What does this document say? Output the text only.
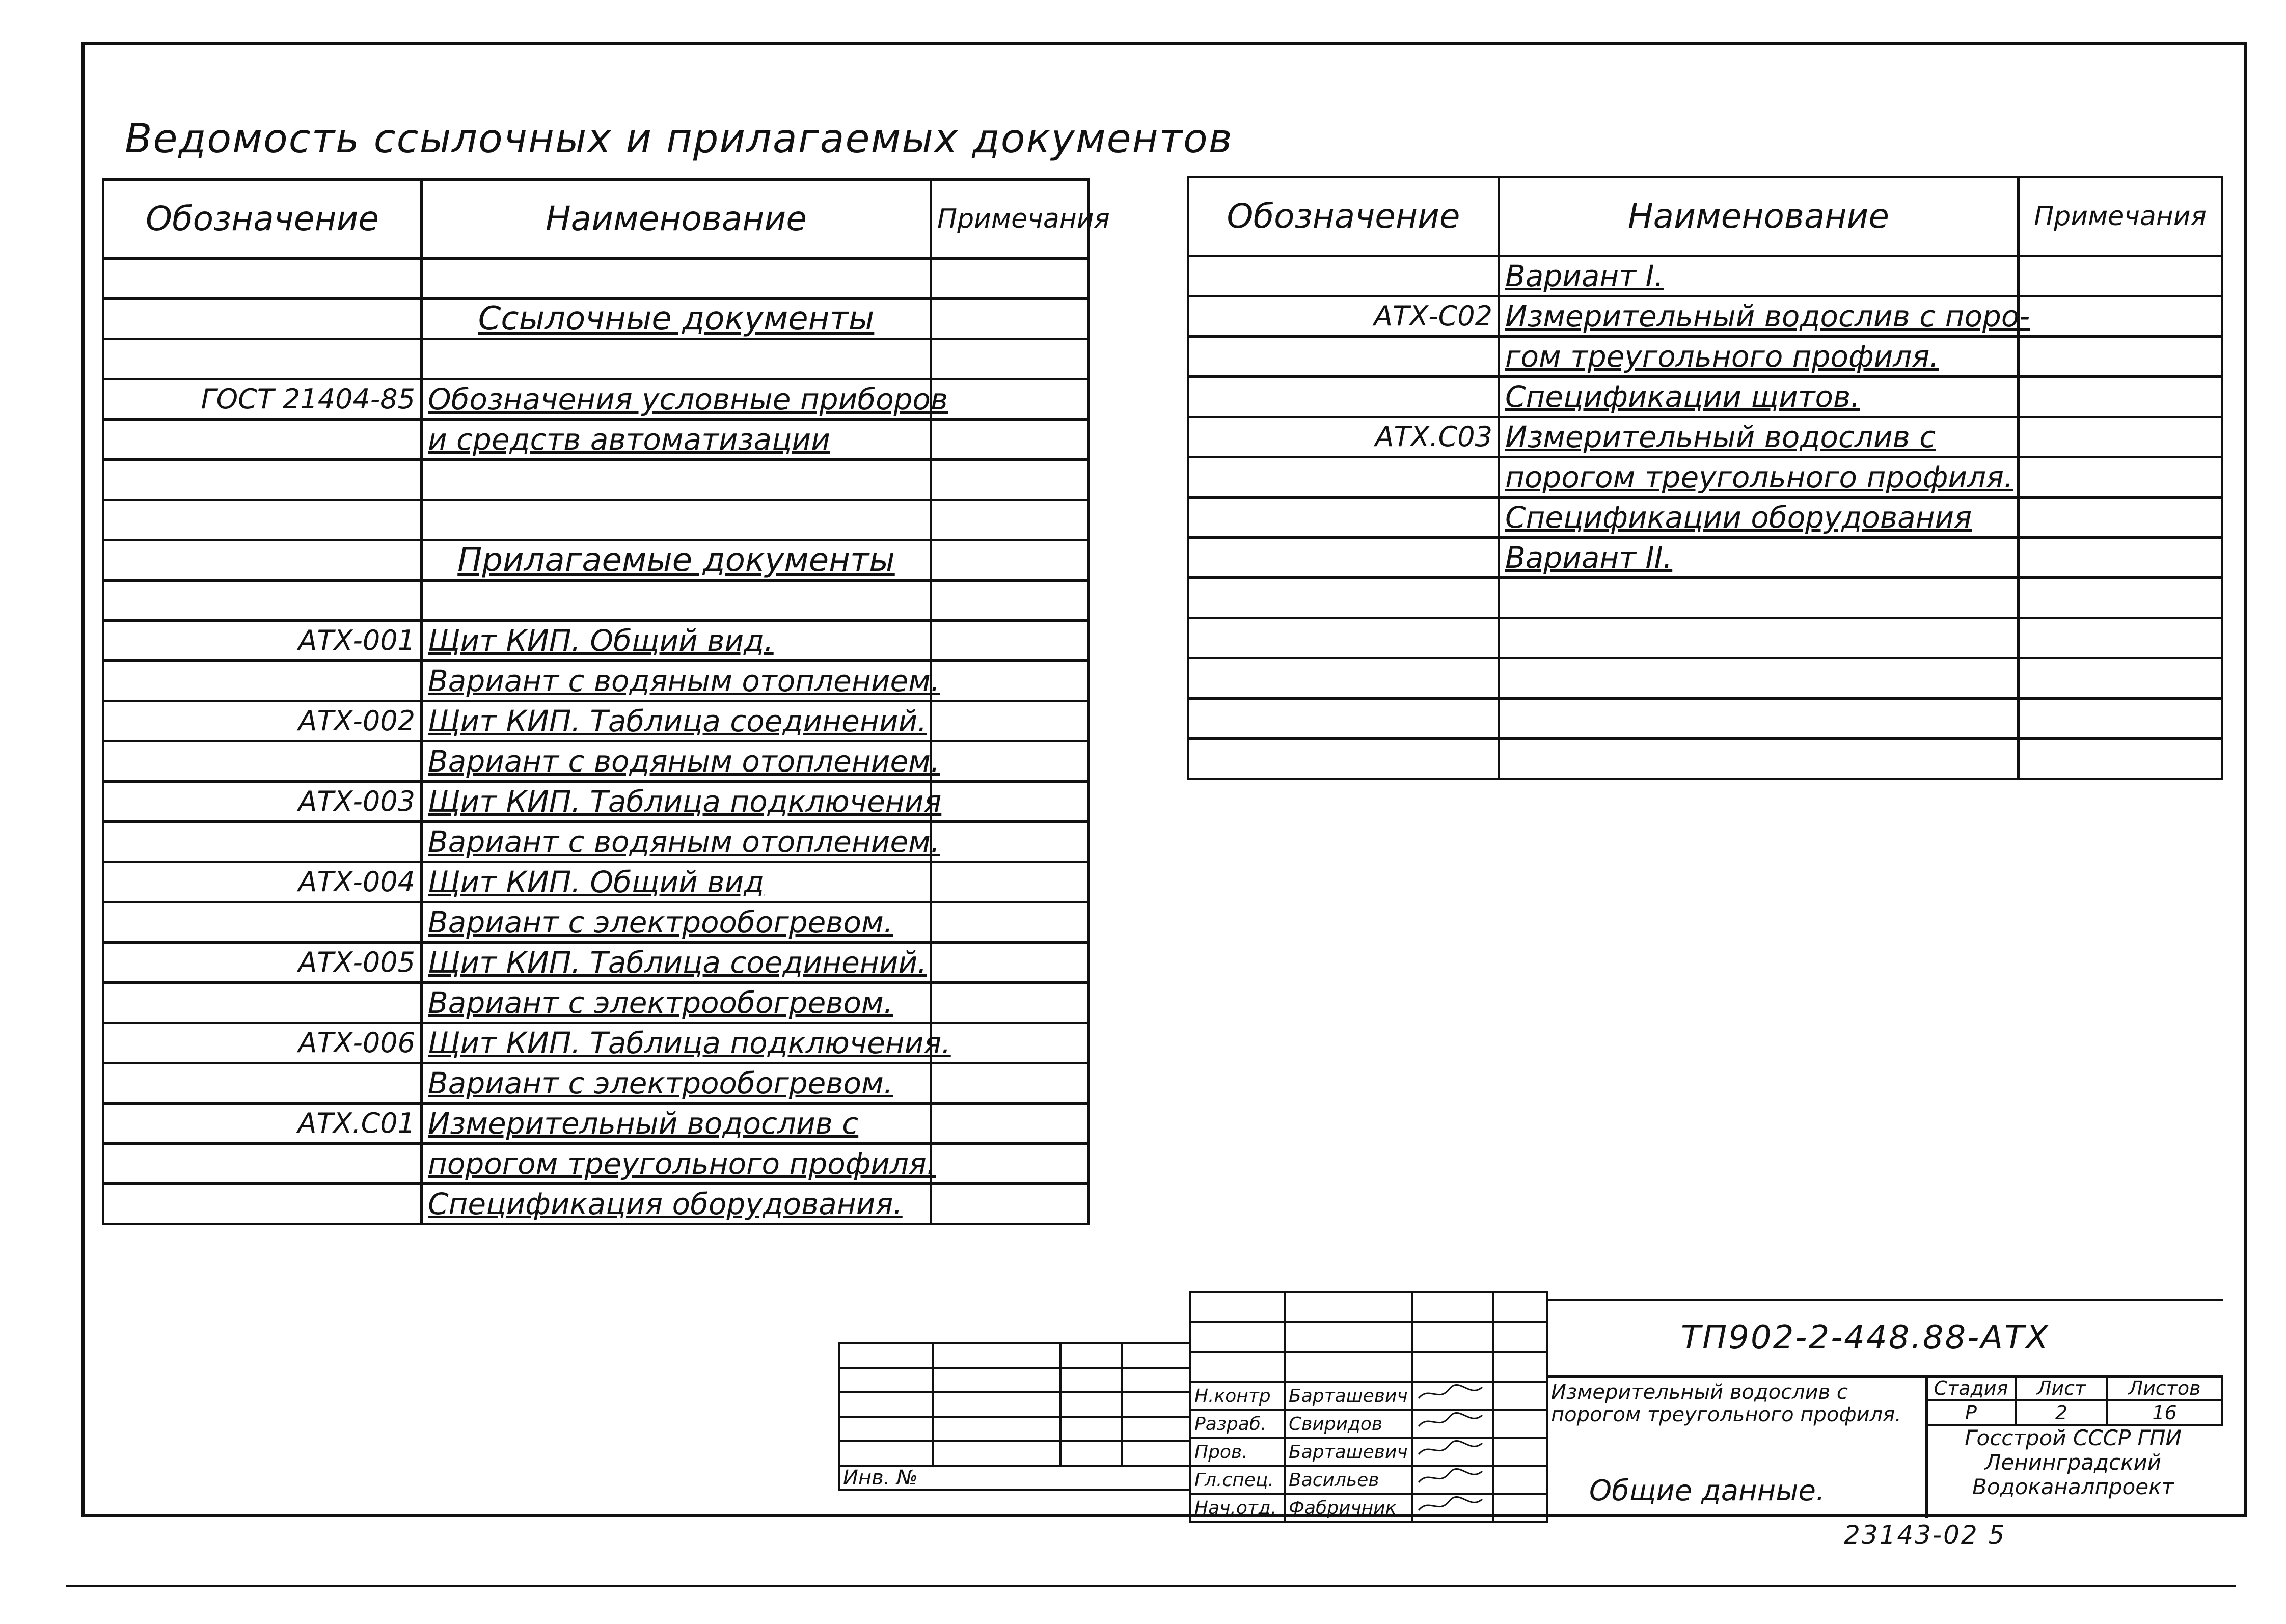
Ведомость ссылочных и прилагаемых документов
Обозначение	Наименование	Примечания

	Ссылочные документы	

ГОСТ 21404-85	Обозначения условные приборов	
	и средств автоматизации	

	Прилагаемые документы	

АТХ-001	Щит КИП. Общий вид.	
	Вариант с водяным отоплением.	
АТХ-002	Щит КИП. Таблица соединений.	
	Вариант с водяным отоплением.	
АТХ-003	Щит КИП. Таблица подключения	
	Вариант с водяным отоплением.	
АТХ-004	Щит КИП. Общий вид	
	Вариант с электрообогревом.	
АТХ-005	Щит КИП. Таблица соединений.	
	Вариант с электрообогревом.	
АТХ-006	Щит КИП. Таблица подключения.	
	Вариант с электрообогревом.	
АТХ.С01	Измерительный водослив с	
	порогом треугольного профиля.	
	Спецификация оборудования.	
Обозначение	Наименование	Примечания
	Вариант I.	
АТХ-С02	Измерительный водослив с поро-	
	гом треугольного профиля.	
	Спецификации щитов.	
АТХ.С03	Измерительный водослив с	
	порогом треугольного профиля.	
	Спецификации оборудования	
	Вариант II.	

Инв. №			

Н.контр	Барташевич		
Разраб.	Свиридов		
Пров.	Барташевич		
Гл.спец.	Васильев		
Нач.отд.	Фабричник		
ТП902-2-448.88-АТХ
Измерительный водослив с порогом треугольного профиля.
Общие данные.
Стадия	Лист	Листов
Р	2	16
Госстрой СССР ГПИ Ленинградский Водоканалпроект
23143-02 5
